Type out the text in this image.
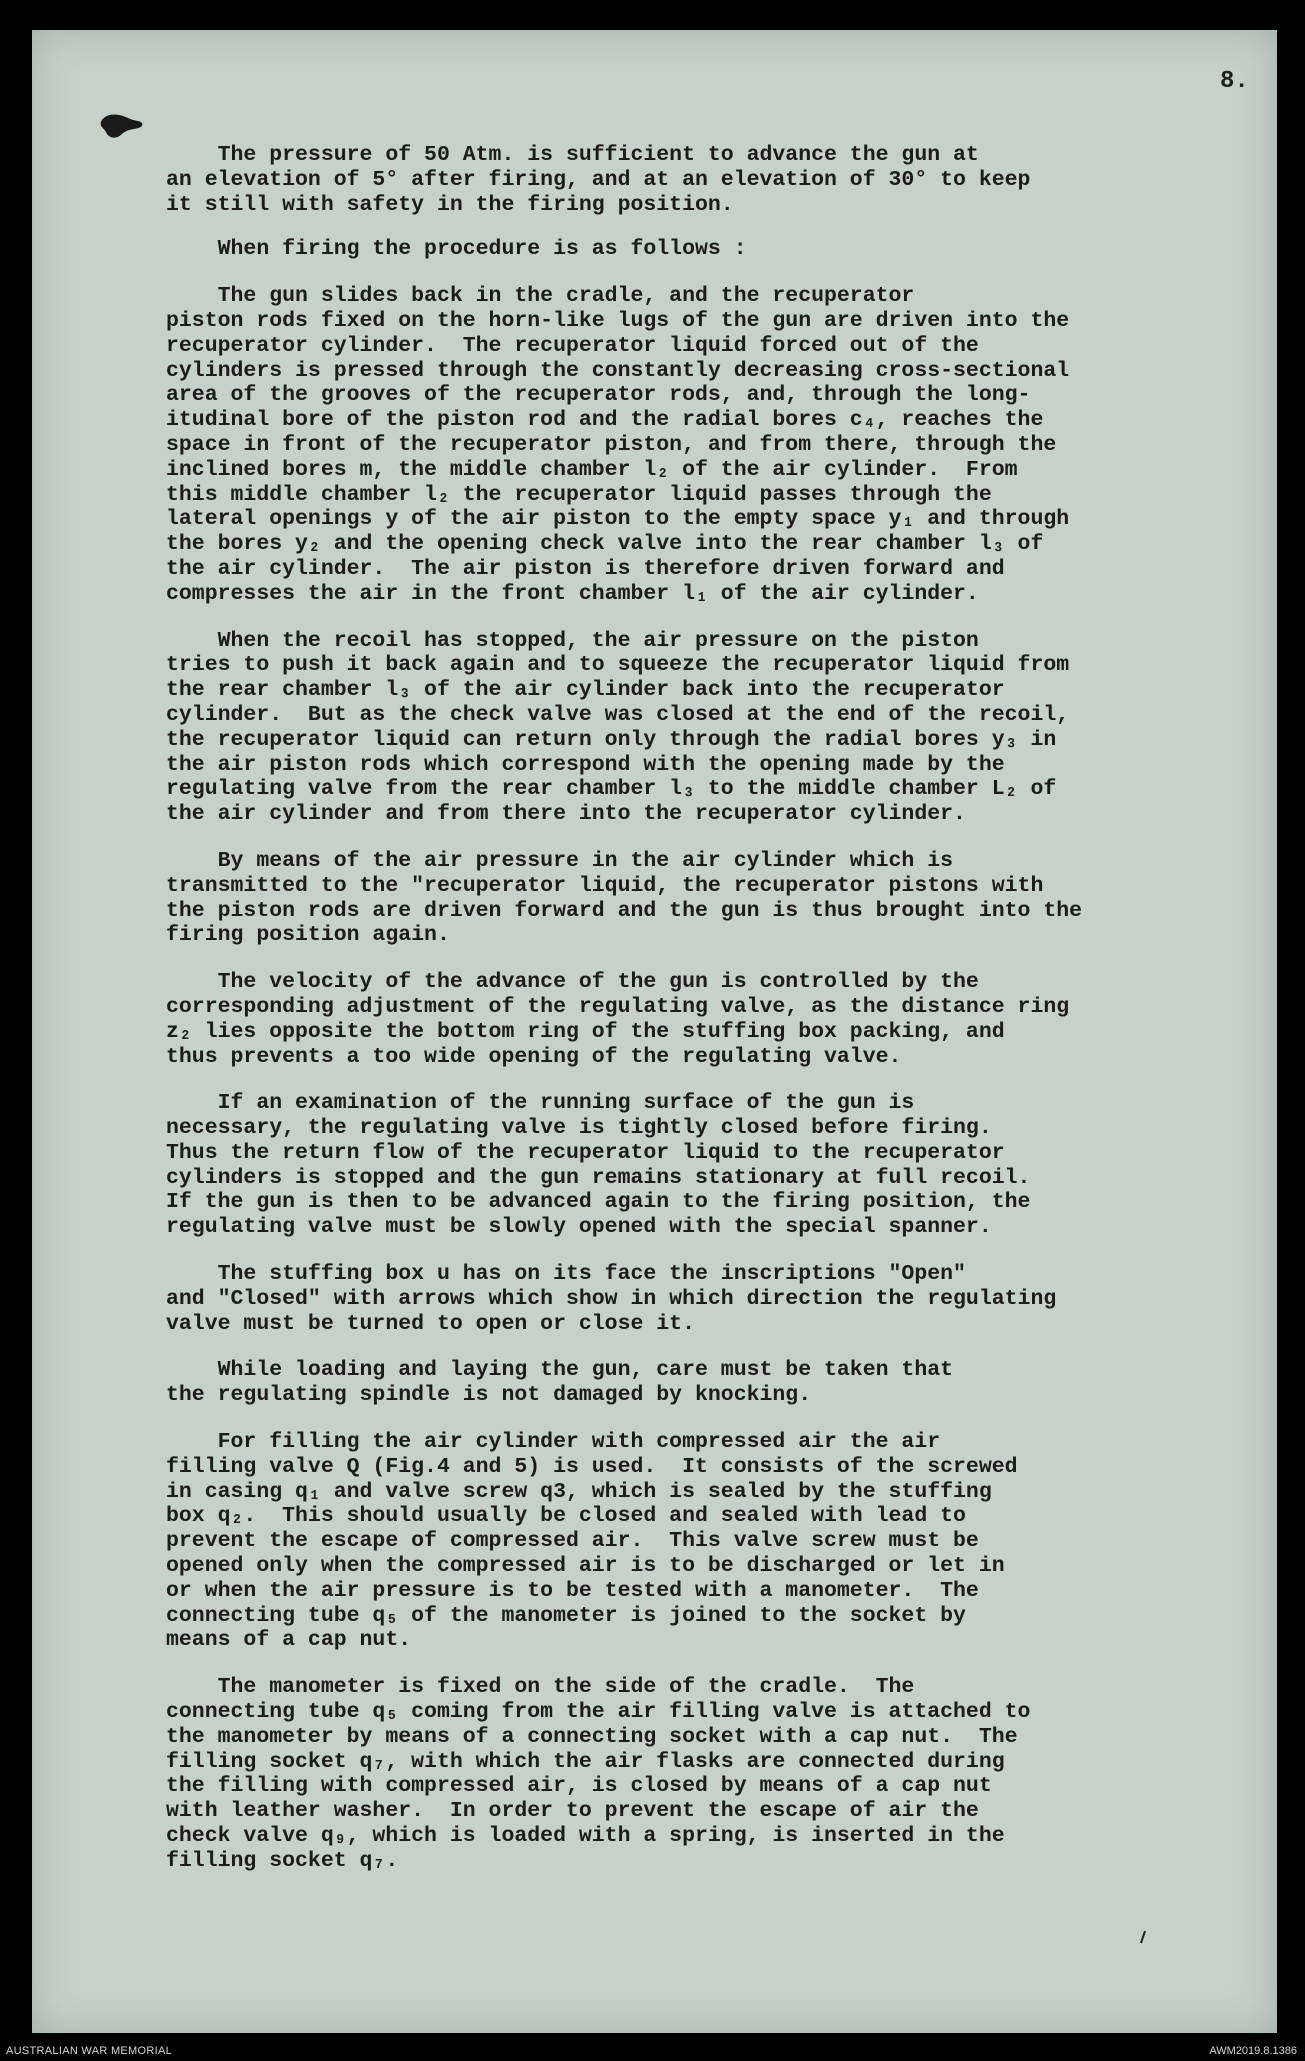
8.

The pressure of 50 Atm. is sufficient to advance the gun at
an elevation of 5° after firing, and at an elevation of 30° to keep
it still with safety in the firing position.

When firing the procedure is as follows :

The gun slides back in the cradle, and the recuperator
piston rods fixed on the horn-like lugs of the gun are driven into the
recuperator cylinder.  The recuperator liquid forced out of the
cylinders is pressed through the constantly decreasing cross-sectional
area of the grooves of the recuperator rods, and, through the long-
itudinal bore of the piston rod and the radial bores c₄, reaches the
space in front of the recuperator piston, and from there, through the
inclined bores m, the middle chamber l₂ of the air cylinder.  From
this middle chamber l₂ the recuperator liquid passes through the
lateral openings y of the air piston to the empty space y₁ and through
the bores y₂ and the opening check valve into the rear chamber l₃ of
the air cylinder.  The air piston is therefore driven forward and
compresses the air in the front chamber l₁ of the air cylinder.

When the recoil has stopped, the air pressure on the piston
tries to push it back again and to squeeze the recuperator liquid from
the rear chamber l₃ of the air cylinder back into the recuperator
cylinder.  But as the check valve was closed at the end of the recoil,
the recuperator liquid can return only through the radial bores y₃ in
the air piston rods which correspond with the opening made by the
regulating valve from the rear chamber l₃ to the middle chamber L₂ of
the air cylinder and from there into the recuperator cylinder.

By means of the air pressure in the air cylinder which is
transmitted to the "recuperator liquid, the recuperator pistons with
the piston rods are driven forward and the gun is thus brought into the
firing position again.

The velocity of the advance of the gun is controlled by the
corresponding adjustment of the regulating valve, as the distance ring
z₂ lies opposite the bottom ring of the stuffing box packing, and
thus prevents a too wide opening of the regulating valve.

If an examination of the running surface of the gun is
necessary, the regulating valve is tightly closed before firing.
Thus the return flow of the recuperator liquid to the recuperator
cylinders is stopped and the gun remains stationary at full recoil.
If the gun is then to be advanced again to the firing position, the
regulating valve must be slowly opened with the special spanner.

The stuffing box u has on its face the inscriptions "Open"
and "Closed" with arrows which show in which direction the regulating
valve must be turned to open or close it.

While loading and laying the gun, care must be taken that
the regulating spindle is not damaged by knocking.

For filling the air cylinder with compressed air the air
filling valve Q (Fig.4 and 5) is used.  It consists of the screwed
in casing q₁ and valve screw q3, which is sealed by the stuffing
box q₂.  This should usually be closed and sealed with lead to
prevent the escape of compressed air.  This valve screw must be
opened only when the compressed air is to be discharged or let in
or when the air pressure is to be tested with a manometer.  The
connecting tube q₅ of the manometer is joined to the socket by
means of a cap nut.

The manometer is fixed on the side of the cradle.  The
connecting tube q₅ coming from the air filling valve is attached to
the manometer by means of a connecting socket with a cap nut.  The
filling socket q₇, with which the air flasks are connected during
the filling with compressed air, is closed by means of a cap nut
with leather washer.  In order to prevent the escape of air the
check valve q₉, which is loaded with a spring, is inserted in the
filling socket q₇.

AUSTRALIAN WAR MEMORIAL	AWM2019.8.1386
